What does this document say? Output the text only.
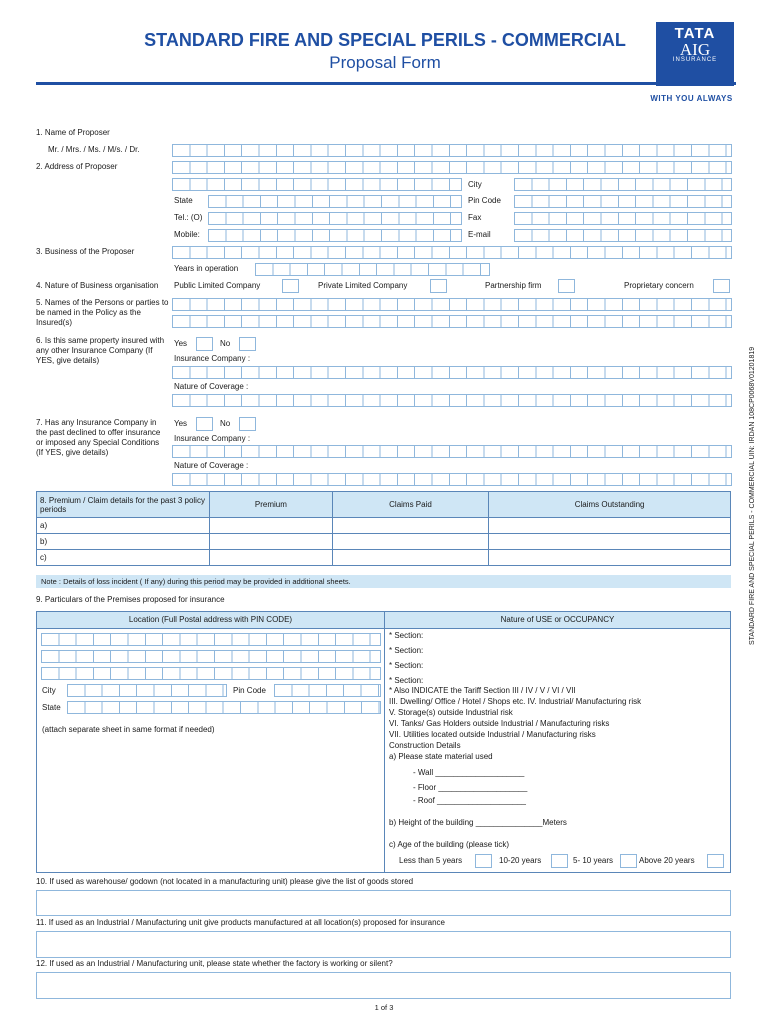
STANDARD FIRE AND SPECIAL PERILS - COMMERCIAL
Proposal Form
TATA
AIG
INSURANCE
WITH YOU ALWAYS
1. Name of Proposer
Mr. / Mrs. / Ms. / M/s. / Dr.
2. Address of Proposer
City
State	Pin Code
Tel.: (O)	Fax
Mobile:	E-mail
3. Business of the Proposer
Years in operation
4. Nature of Business organisation Public Limited Company	Private Limited Company	Partnership firm	Proprietary concern
5. Names of the Persons or parties to be named in the Policy as the Insured(s)
6. Is this same property insured with any other Insurance Company (If YES, give details)
Yes	No
Insurance Company :
Nature of Coverage :
7. Has any Insurance Company in the past declined to offer insurance or imposed any Special Conditions (If YES, give details)
Yes	No
Insurance Company :
Nature of Coverage :
8. Premium / Claim details for the past 3 policy periods	Premium	Claims Paid	Claims Outstanding
a)			
b)			
c)			
Note : Details of loss incident ( If any) during this period may be provided in additional sheets.
9. Particulars of the Premises proposed for insurance
Location (Full Postal address with PIN CODE)	Nature of USE or OCCUPANCY
City	Pin Code
State
(attach separate sheet in same format if needed)
* Section:
* Section:
* Section:
* Section:
* Also INDICATE the Tariff Section III / IV / V / VI / VII
III. Dwelling/ Office / Hotel / Shops etc. IV. Industrial/ Manufacturing risk
V. Storage(s) outside Industrial risk
VI. Tanks/ Gas Holders outside Industrial / Manufacturing risks
VII. Utilities located outside Industrial / Manufacturing risks
Construction Details
a) Please state material used
- Wall ____________________
- Floor ____________________
- Roof ____________________
b) Height of the building _______________Meters
c) Age of the building (please tick)
Less than 5 years	10-20 years	5- 10 years	Above 20 years
10. If used as warehouse/ godown (not located in a manufacturing unit) please give the list of goods stored
11. If used as an Industrial / Manufacturing unit give products manufactured at all location(s) proposed for insurance
12. If used as an Industrial / Manufacturing unit, please state whether the factory is working or silent?
STANDARD FIRE AND SPECIAL PERILS - COMMERCIAL UIN: IRDAN 108CP0068V01201819
1 of 3
